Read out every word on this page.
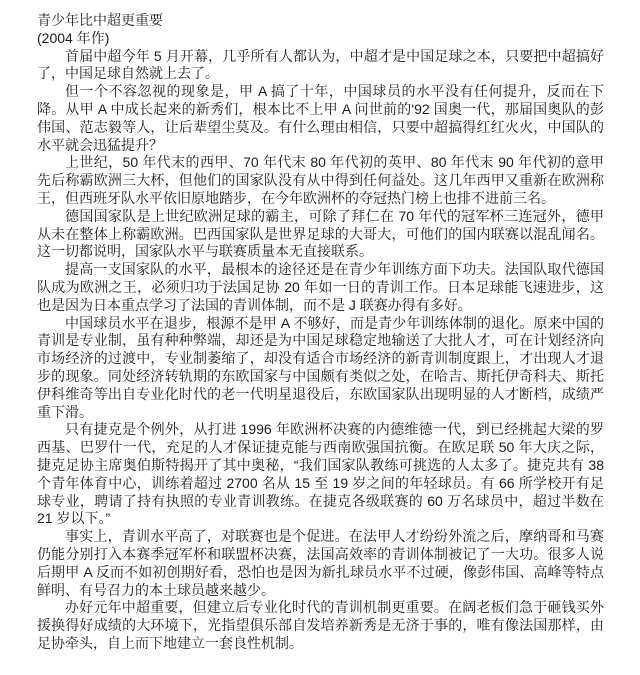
青少年比中超更重要
(2004 年作)

首届中超今年 5 月开幕，几乎所有人都认为，中超才是中国足球之本，只要把中超搞好了，中国足球自然就上去了。

但一个不容忽视的现象是，甲 A 搞了十年，中国球员的水平没有任何提升，反而在下降。从甲 A 中成长起来的新秀们，根本比不上甲 A 问世前的'92 国奥一代，那届国奥队的彭伟国、范志毅等人，让后辈望尘莫及。有什么理由相信，只要中超搞得红红火火，中国队的水平就会迅猛提升？

上世纪，50 年代末的西甲、70 年代末 80 年代初的英甲、80 年代末 90 年代初的意甲先后称霸欧洲三大杯，但他们的国家队没有从中得到任何益处。这几年西甲又重新在欧洲称王，但西班牙队水平依旧原地踏步，在今年欧洲杯的夺冠热门榜上也排不进前三名。

德国国家队是上世纪欧洲足球的霸主，可除了拜仁在 70 年代的冠军杯三连冠外，德甲从未在整体上称霸欧洲。巴西国家队是世界足球的大哥大，可他们的国内联赛以混乱闻名。这一切都说明，国家队水平与联赛质量本无直接联系。

提高一支国家队的水平，最根本的途径还是在青少年训练方面下功夫。法国队取代德国队成为欧洲之王，必须归功于法国足协 20 年如一日的青训工作。日本足球能飞速进步，这也是因为日本重点学习了法国的青训体制，而不是 J 联赛办得有多好。

中国球员水平在退步，根源不是甲 A 不够好，而是青少年训练体制的退化。原来中国的青训是专业制，虽有种种弊端，却还是为中国足球稳定地输送了大批人才，可在计划经济向市场经济的过渡中，专业制萎缩了，却没有适合市场经济的新青训制度跟上，才出现人才退步的现象。同处经济转轨期的东欧国家与中国颇有类似之处，在哈吉、斯托伊奇科夫、斯托伊科维奇等出自专业化时代的老一代明星退役后，东欧国家队出现明显的人才断档，成绩严重下滑。

只有捷克是个例外，从打进 1996 年欧洲杯决赛的内德维德一代，到已经挑起大梁的罗西基、巴罗什一代，充足的人才保证捷克能与西南欧强国抗衡。在欧足联 50 年大庆之际，捷克足协主席奥伯斯特揭开了其中奥秘，“我们国家队教练可挑选的人太多了。捷克共有 38 个青年体育中心，训练着超过 2700 名从 15 至 19 岁之间的年轻球员。有 66 所学校开有足球专业，聘请了持有执照的专业青训教练。在捷克各级联赛的 60 万名球员中，超过半数在 21 岁以下。”

事实上，青训水平高了，对联赛也是个促进。在法甲人才纷纷外流之后，摩纳哥和马赛仍能分别打入本赛季冠军杯和联盟杯决赛，法国高效率的青训体制被记了一大功。很多人说后期甲 A 反而不如初创期好看，恐怕也是因为新扎球员水平不过硬，像彭伟国、高峰等特点鲜明、有号召力的本土球员越来越少。

办好元年中超重要，但建立后专业化时代的青训机制更重要。在阔老板们急于砸钱买外援换得好成绩的大环境下，光指望俱乐部自发培养新秀是无济于事的，唯有像法国那样，由足协牵头，自上而下地建立一套良性机制。
